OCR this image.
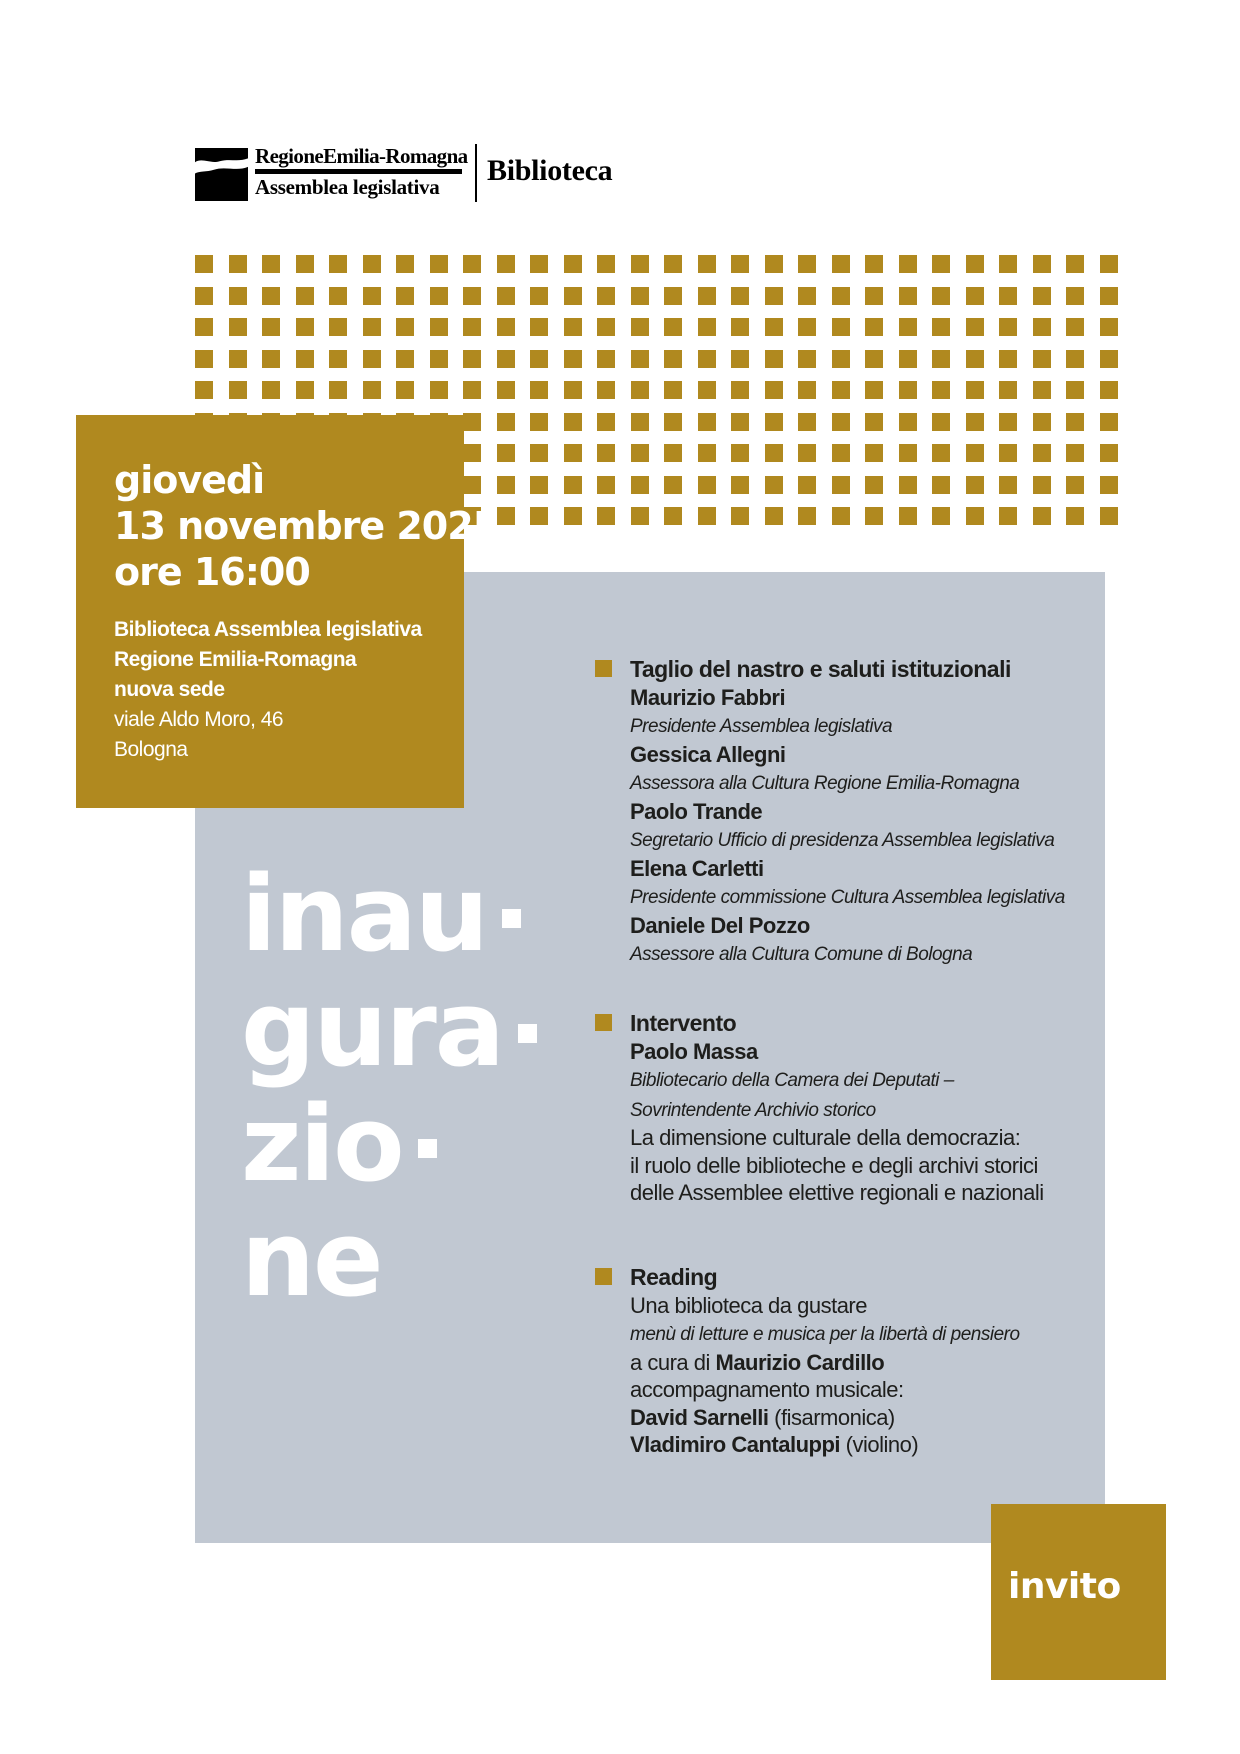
RegioneEmilia-Romagna
Assemblea legislativa	Biblioteca
giovedì
13 novembre 2025
ore 16:00
Biblioteca Assemblea legislativa
Regione Emilia-Romagna
nuova sede
viale Aldo Moro, 46
Bologna
inau
gura
zio
ne
Taglio del nastro e saluti istituzionali
Maurizio Fabbri
Presidente Assemblea legislativa
Gessica Allegni
Assessora alla Cultura Regione Emilia-Romagna
Paolo Trande
Segretario Ufficio di presidenza Assemblea legislativa
Elena Carletti
Presidente commissione Cultura Assemblea legislativa
Daniele Del Pozzo
Assessore alla Cultura Comune di Bologna
Intervento
Paolo Massa
Bibliotecario della Camera dei Deputati –
Sovrintendente Archivio storico
La dimensione culturale della democrazia:
il ruolo delle biblioteche e degli archivi storici
delle Assemblee elettive regionali e nazionali
Reading
Una biblioteca da gustare
menù di letture e musica per la libertà di pensiero
a cura di Maurizio Cardillo
accompagnamento musicale:
David Sarnelli (fisarmonica)
Vladimiro Cantaluppi (violino)
invito
